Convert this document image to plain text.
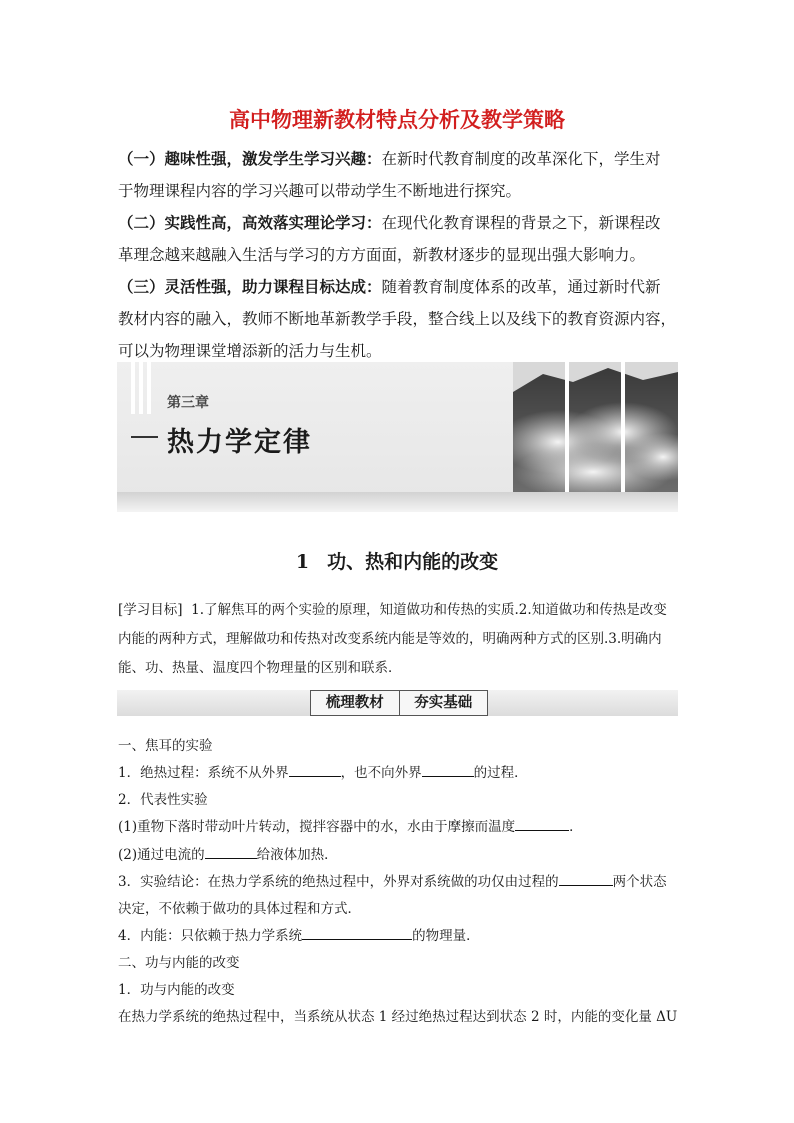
高中物理新教材特点分析及教学策略
（一）趣味性强，激发学生学习兴趣：在新时代教育制度的改革深化下，学生对
于物理课程内容的学习兴趣可以带动学生不断地进行探究。
（二）实践性高，高效落实理论学习：在现代化教育课程的背景之下，新课程改
革理念越来越融入生活与学习的方方面面，新教材逐步的显现出强大影响力。
（三）灵活性强，助力课程目标达成：随着教育制度体系的改革，通过新时代新
教材内容的融入，教师不断地革新教学手段，整合线上以及线下的教育资源内容，
可以为物理课堂增添新的活力与生机。
第三章
热力学定律
1 功、热和内能的改变
[学习目标] 1.了解焦耳的两个实验的原理，知道做功和传热的实质.2.知道做功和传热是改变
内能的两种方式，理解做功和传热对改变系统内能是等效的，明确两种方式的区别.3.明确内
能、功、热量、温度四个物理量的区别和联系．
梳理教材	夯实基础
一、焦耳的实验
1．绝热过程：系统不从外界	，也不向外界	的过程．
2．代表性实验
(1)重物下落时带动叶片转动，搅拌容器中的水，水由于摩擦而温度	．
(2)通过电流的	给液体加热．
3．实验结论：在热力学系统的绝热过程中，外界对系统做的功仅由过程的	两个状态
决定，不依赖于做功的具体过程和方式．
4．内能：只依赖于热力学系统	的物理量．
二、功与内能的改变
1．功与内能的改变
在热力学系统的绝热过程中，当系统从状态 1 经过绝热过程达到状态 2 时，内能的变化量 ΔU
